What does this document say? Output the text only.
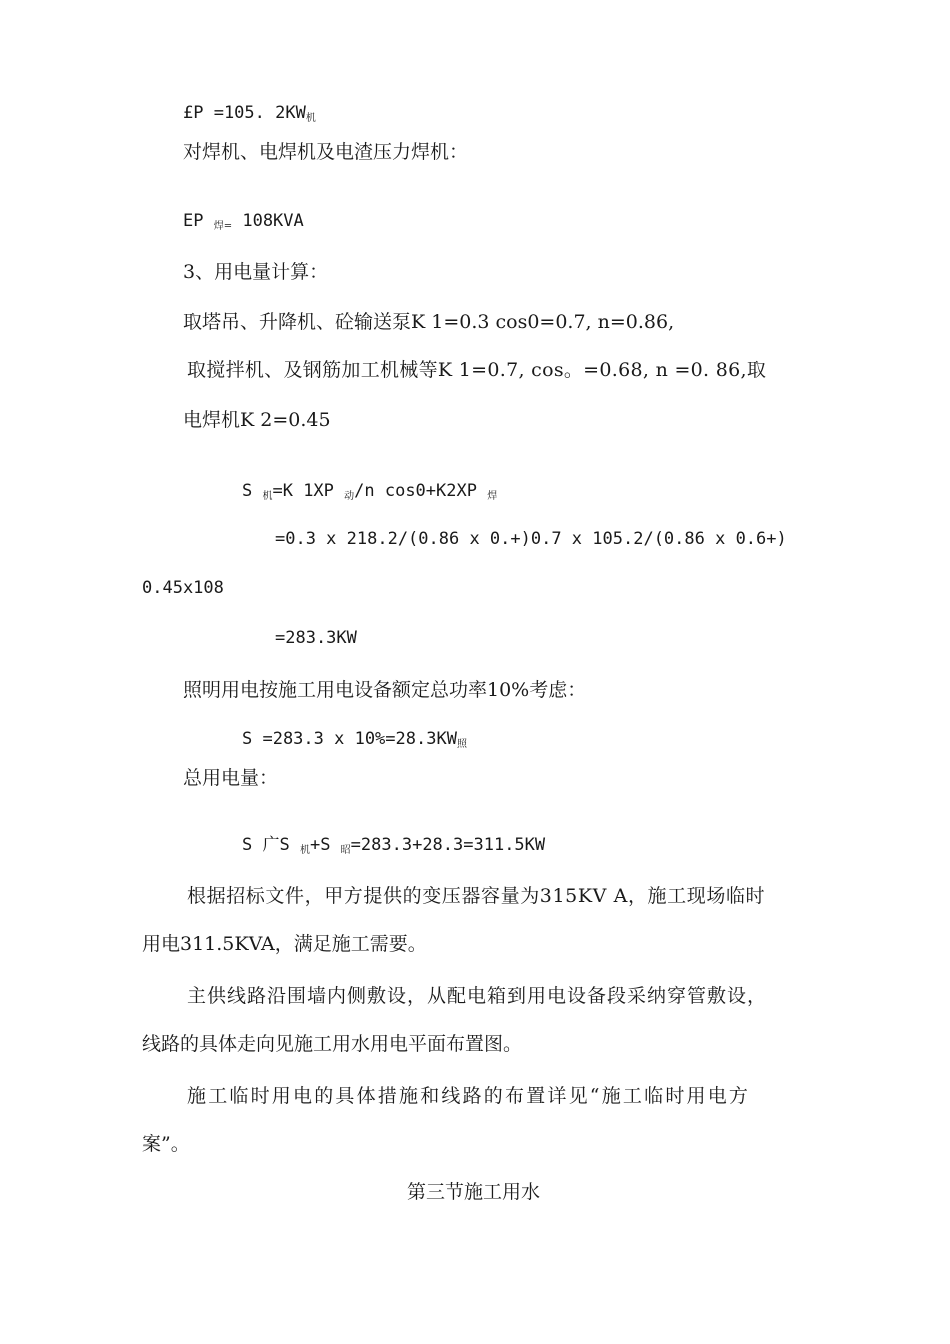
£P =105. $2KW_机$
对焊机、电焊机及电渣压力焊机：
EP $_{焊=}$ 108KVA
3、用电量计算：
取塔吊、升降机、砼输送泵K 1=0.3 cos0=0.7, n=0.86,
取搅拌机、及钢筋加工机械等K 1=0.7, cos。=0.68, n =0. 86,取
电焊机K 2=0.45
S $_机$=K 1XP $_动$/n cos0+K2XP $_焊$
=0.3 x 218.2/(0.86 x 0.+)0.7 x 105.2/(0.86 x 0.6+)
0.45x108
=283.3KW
照明用电按施工用电设备额定总功率10%考虑：
S =283.3 x $10\%=28.3KW_照$
总用电量：
S 广S $_机$+S $_昭$=283.3+28.3=311.5KW
根据招标文件，甲方提供的变压器容量为315KV A，施工现场临时
用电311.5KVA，满足施工需要。
主供线路沿围墙内侧敷设，从配电箱到用电设备段采纳穿管敷设，
线路的具体走向见施工用水用电平面布置图。
施工临时用电的具体措施和线路的布置详见“施工临时用电方
案”。
第三节施工用水
